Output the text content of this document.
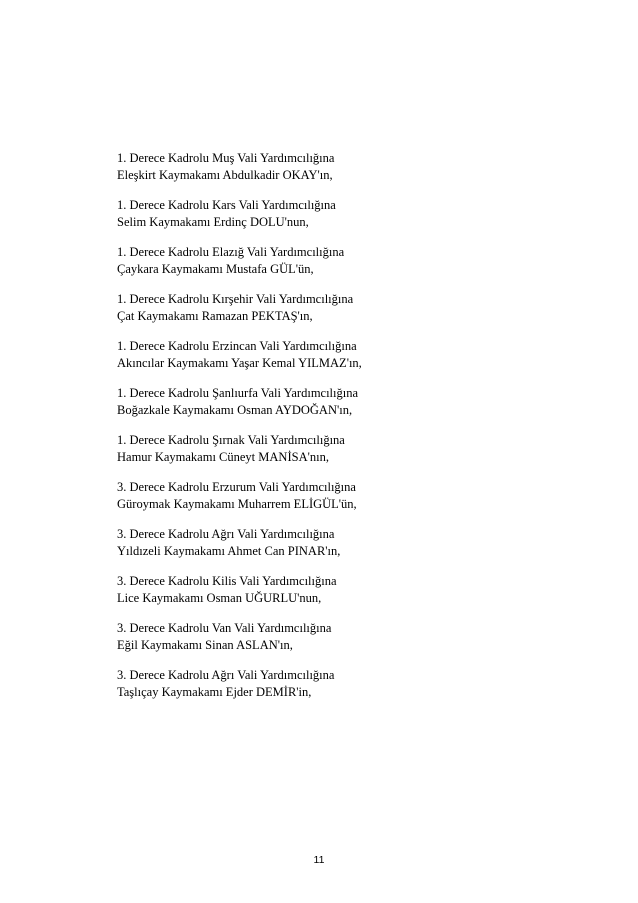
1. Derece Kadrolu Muş Vali Yardımcılığına
Eleşkirt Kaymakamı Abdulkadir OKAY'ın,

1. Derece Kadrolu Kars Vali Yardımcılığına
Selim Kaymakamı Erdinç DOLU'nun,

1. Derece Kadrolu Elazığ Vali Yardımcılığına
Çaykara Kaymakamı Mustafa GÜL'ün,

1. Derece Kadrolu Kırşehir Vali Yardımcılığına
Çat Kaymakamı Ramazan PEKTAŞ'ın,

1. Derece Kadrolu Erzincan Vali Yardımcılığına
Akıncılar Kaymakamı Yaşar Kemal YILMAZ'ın,

1. Derece Kadrolu Şanlıurfa Vali Yardımcılığına
Boğazkale Kaymakamı Osman AYDOĞAN'ın,

1. Derece Kadrolu Şırnak Vali Yardımcılığına
Hamur Kaymakamı Cüneyt MANİSA'nın,

3. Derece Kadrolu Erzurum Vali Yardımcılığına
Güroymak Kaymakamı Muharrem ELİGÜL'ün,

3. Derece Kadrolu Ağrı Vali Yardımcılığına
Yıldızeli Kaymakamı Ahmet Can PINAR'ın,

3. Derece Kadrolu Kilis Vali Yardımcılığına
Lice Kaymakamı Osman UĞURLU'nun,

3. Derece Kadrolu Van Vali Yardımcılığına
Eğil Kaymakamı Sinan ASLAN'ın,

3. Derece Kadrolu Ağrı Vali Yardımcılığına
Taşlıçay Kaymakamı Ejder DEMİR'in,

11
